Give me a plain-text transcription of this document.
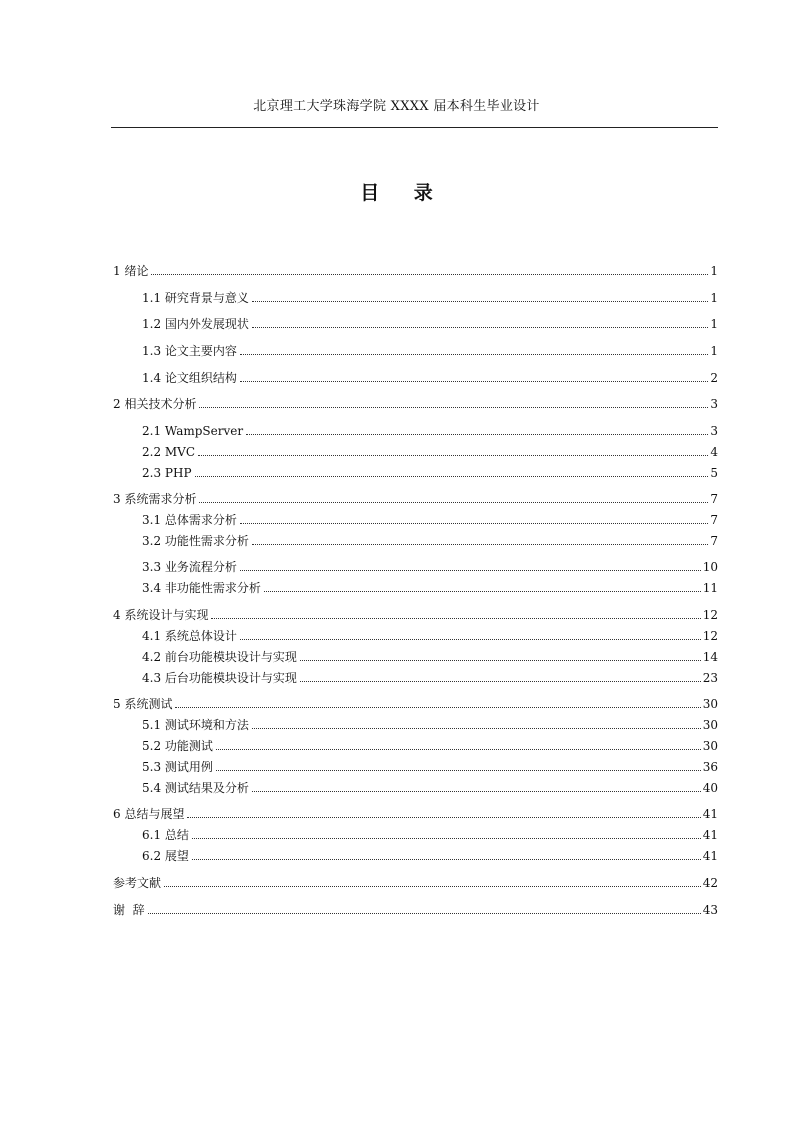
北京理工大学珠海学院 XXXX 届本科生毕业设计
目 录
1 绪论	1
1.1 研究背景与意义	1
1.2 国内外发展现状	1
1.3 论文主要内容	1
1.4 论文组织结构	2
2 相关技术分析	3
2.1 WampServer	3
2.2 MVC	4
2.3 PHP	5
3 系统需求分析	7
3.1 总体需求分析	7
3.2 功能性需求分析	7
3.3 业务流程分析	10
3.4 非功能性需求分析	11
4 系统设计与实现	12
4.1 系统总体设计	12
4.2 前台功能模块设计与实现	14
4.3 后台功能模块设计与实现	23
5 系统测试	30
5.1 测试环境和方法	30
5.2 功能测试	30
5.3 测试用例	36
5.4 测试结果及分析	40
6 总结与展望	41
6.1 总结	41
6.2 展望	41
参考文献	42
谢  辞	43
